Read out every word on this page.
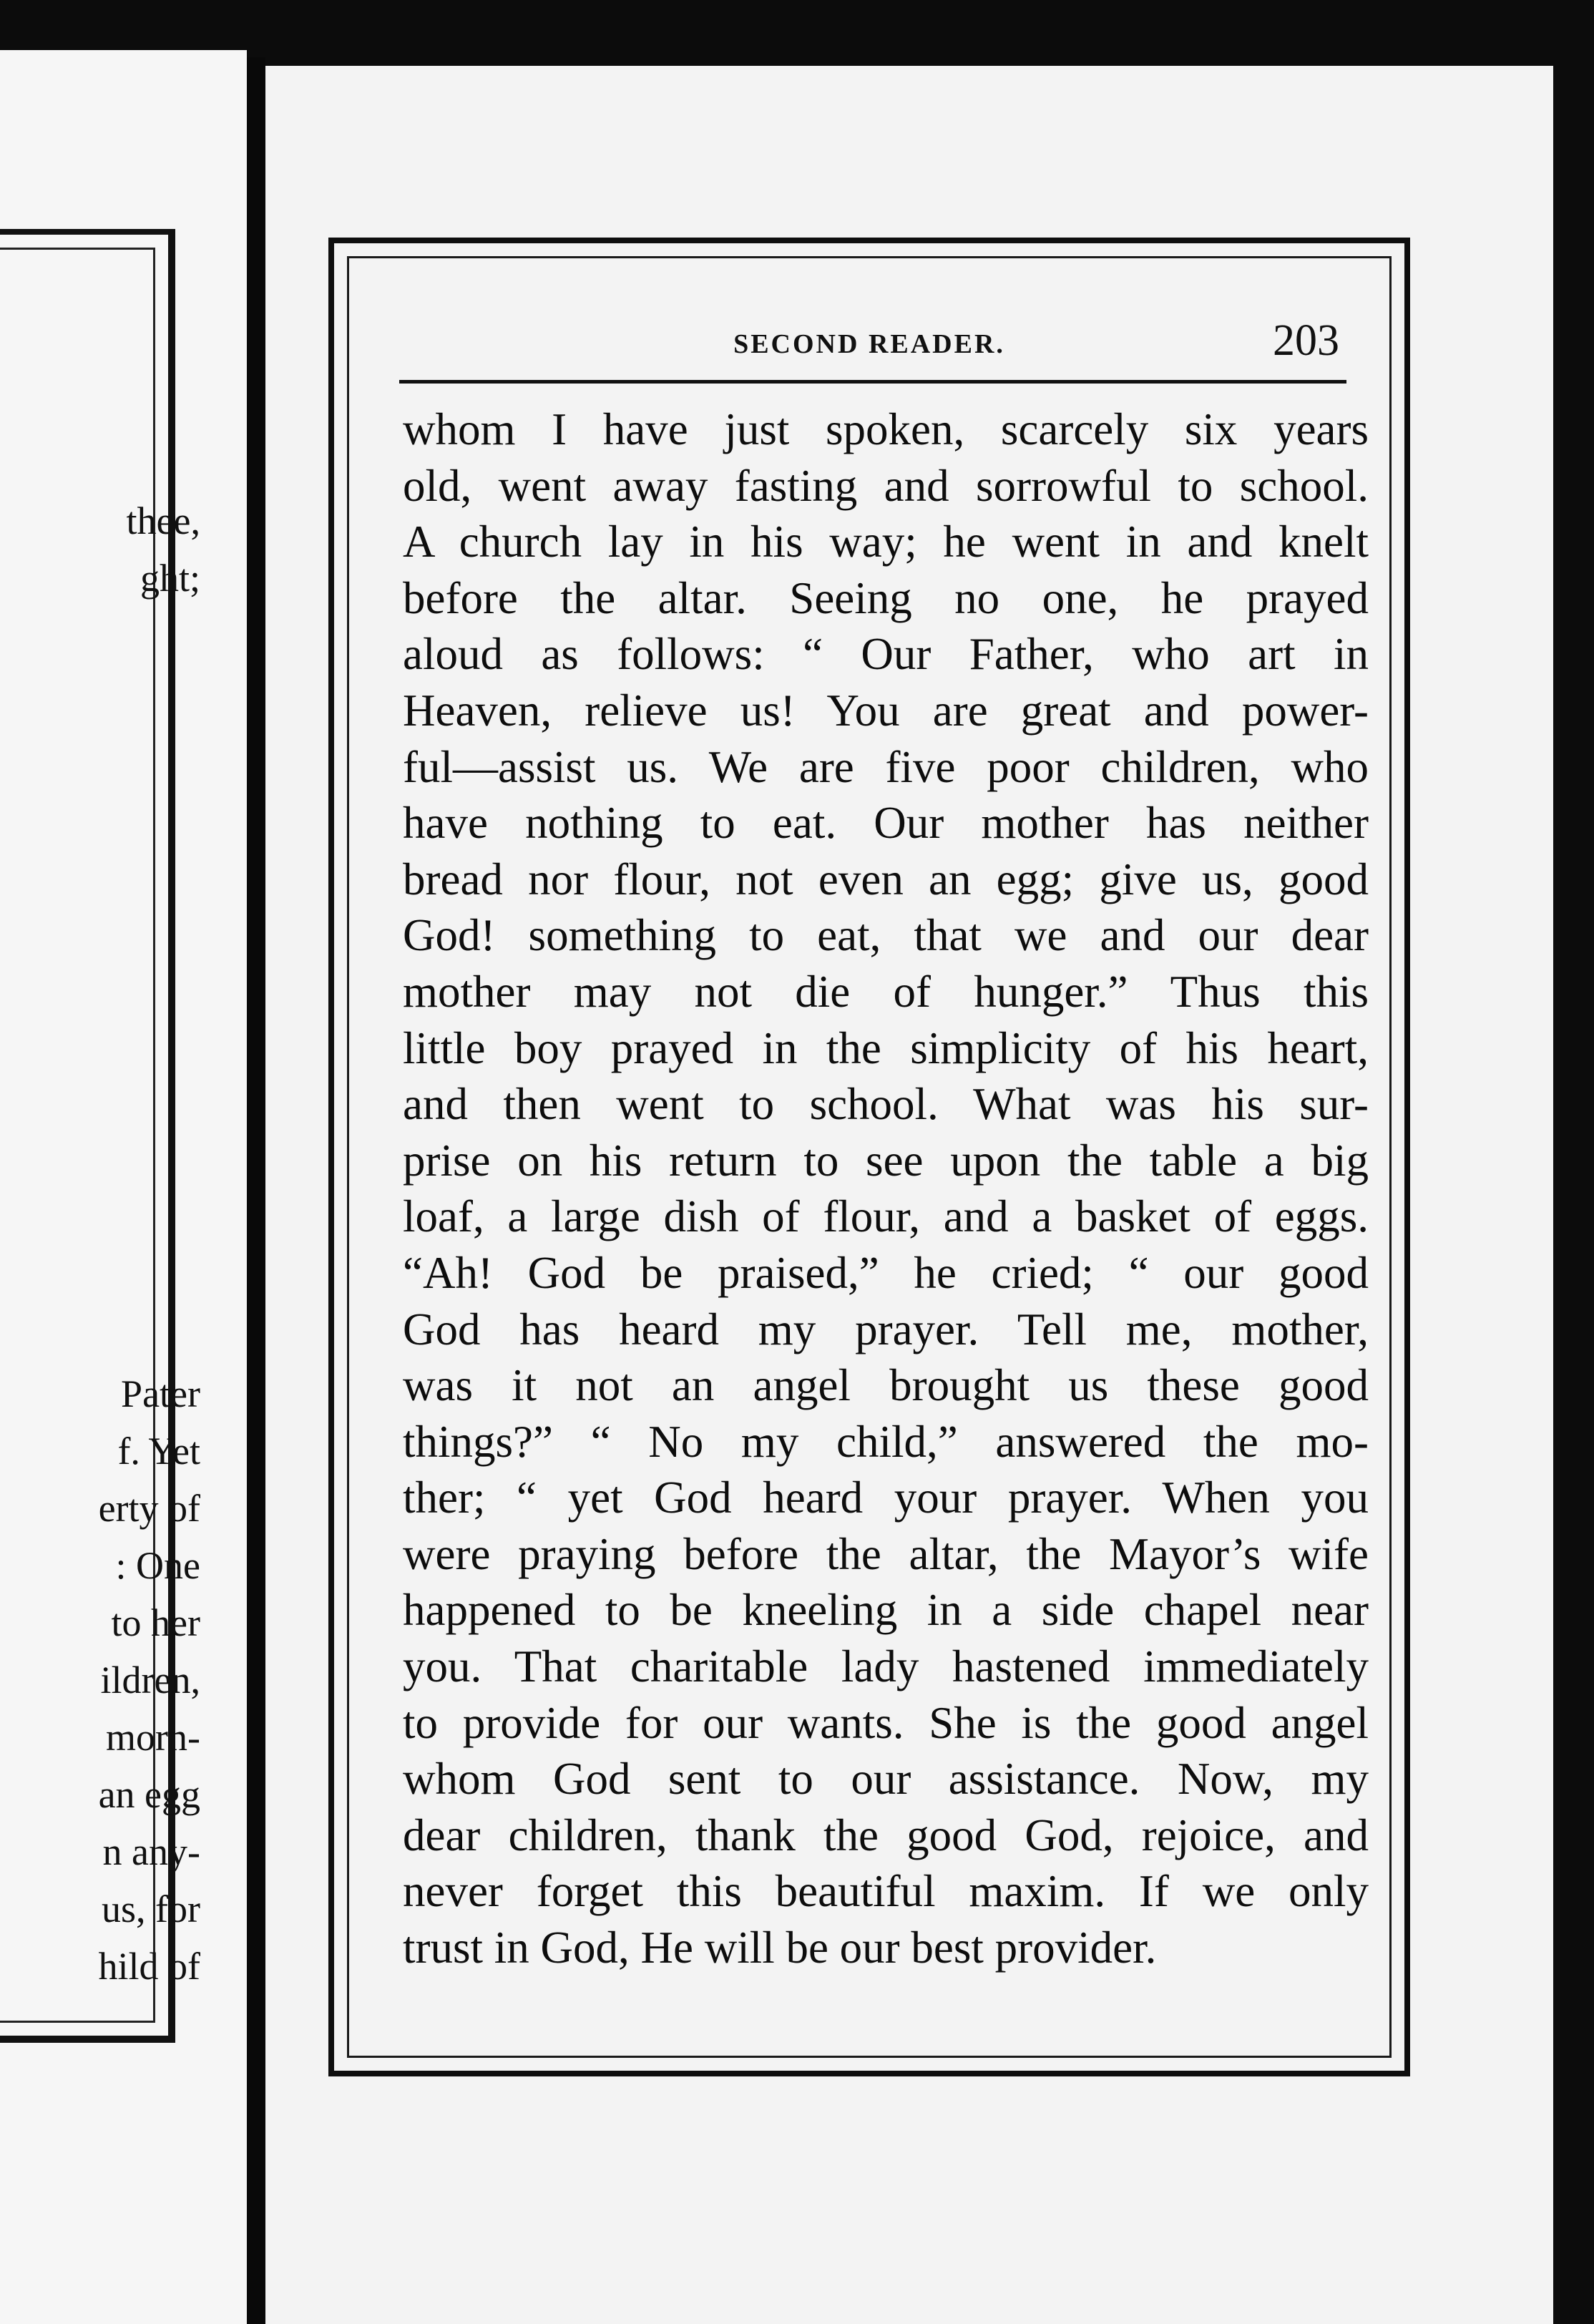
thee,
ght;
Pater
f. Yet
erty of
: One
to her
ildren,
morn-
an egg
n any-
us, for
hild of
SECOND READER.	203
whom I have just spoken, scarcely six years
old, went away fasting and sorrowful to school.
A church lay in his way; he went in and knelt
before the altar. Seeing no one, he prayed
aloud as follows: “ Our Father, who art in
Heaven, relieve us! You are great and power-
ful—assist us. We are five poor children, who
have nothing to eat. Our mother has neither
bread nor flour, not even an egg; give us, good
God! something to eat, that we and our dear
mother may not die of hunger.” Thus this
little boy prayed in the simplicity of his heart,
and then went to school. What was his sur-
prise on his return to see upon the table a big
loaf, a large dish of flour, and a basket of eggs.
“Ah! God be praised,” he cried; “ our good
God has heard my prayer. Tell me, mother,
was it not an angel brought us these good
things?” “ No my child,” answered the mo-
ther; “ yet God heard your prayer. When you
were praying before the altar, the Mayor’s wife
happened to be kneeling in a side chapel near
you. That charitable lady hastened immediately
to provide for our wants. She is the good angel
whom God sent to our assistance. Now, my
dear children, thank the good God, rejoice, and
never forget this beautiful maxim. If we only
trust in God, He will be our best provider.
